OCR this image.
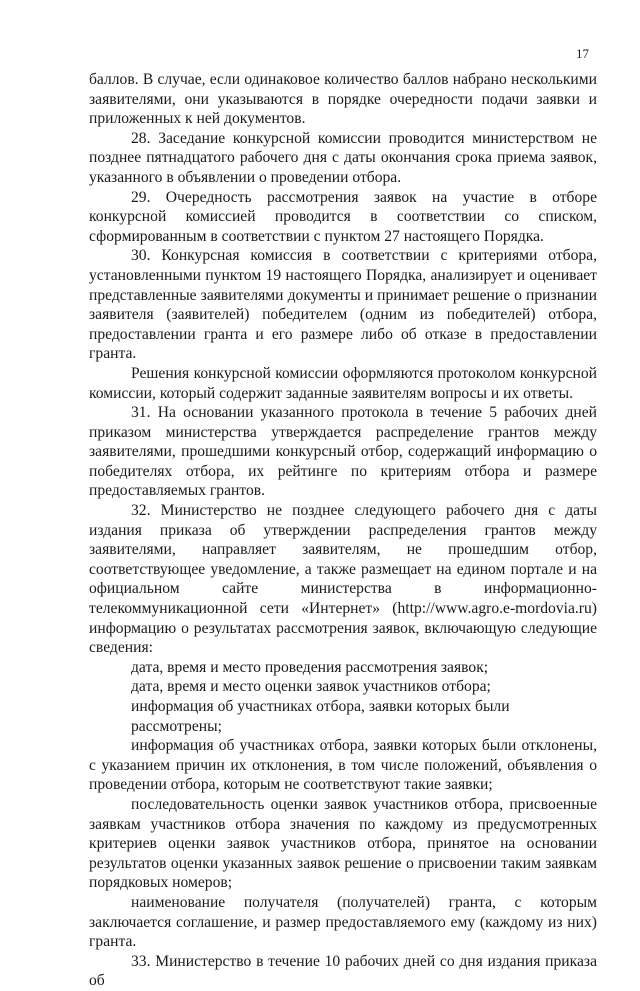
17

баллов. В случае, если одинаковое количество баллов набрано несколькими заявителями, они указываются в порядке очередности подачи заявки и приложенных к ней документов.

28. Заседание конкурсной комиссии проводится министерством не позднее пятнадцатого рабочего дня с даты окончания срока приема заявок, указанного в объявлении о проведении отбора.

29. Очередность рассмотрения заявок на участие в отборе конкурсной комиссией проводится в соответствии со списком, сформированным в соответствии с пунктом 27 настоящего Порядка.

30. Конкурсная комиссия в соответствии с критериями отбора, установленными пунктом 19 настоящего Порядка, анализирует и оценивает представленные заявителями документы и принимает решение о признании заявителя (заявителей) победителем (одним из победителей) отбора, предоставлении гранта и его размере либо об отказе в предоставлении гранта.

Решения конкурсной комиссии оформляются протоколом конкурсной комиссии, который содержит заданные заявителям вопросы и их ответы.

31. На основании указанного протокола в течение 5 рабочих дней приказом министерства утверждается распределение грантов между заявителями, прошедшими конкурсный отбор, содержащий информацию о победителях отбора, их рейтинге по критериям отбора и размере предоставляемых грантов.

32. Министерство не позднее следующего рабочего дня с даты издания приказа об утверждении распределения грантов между заявителями, направляет заявителям, не прошедшим отбор, соответствующее уведомление, а также размещает на едином портале и на официальном сайте министерства в информационно-телекоммуникационной сети «Интернет» (http://www.agro.e-mordovia.ru) информацию о результатах рассмотрения заявок, включающую следующие сведения:

дата, время и место проведения рассмотрения заявок;

дата, время и место оценки заявок участников отбора;

информация об участниках отбора, заявки которых были рассмотрены;

информация об участниках отбора, заявки которых были отклонены, с указанием причин их отклонения, в том числе положений, объявления о проведении отбора, которым не соответствуют такие заявки;

последовательность оценки заявок участников отбора, присвоенные заявкам участников отбора значения по каждому из предусмотренных критериев оценки заявок участников отбора, принятое на основании результатов оценки указанных заявок решение о присвоении таким заявкам порядковых номеров;

наименование получателя (получателей) гранта, с которым заключается соглашение, и размер предоставляемого ему (каждому из них) гранта.

33. Министерство в течение 10 рабочих дней со дня издания приказа об
